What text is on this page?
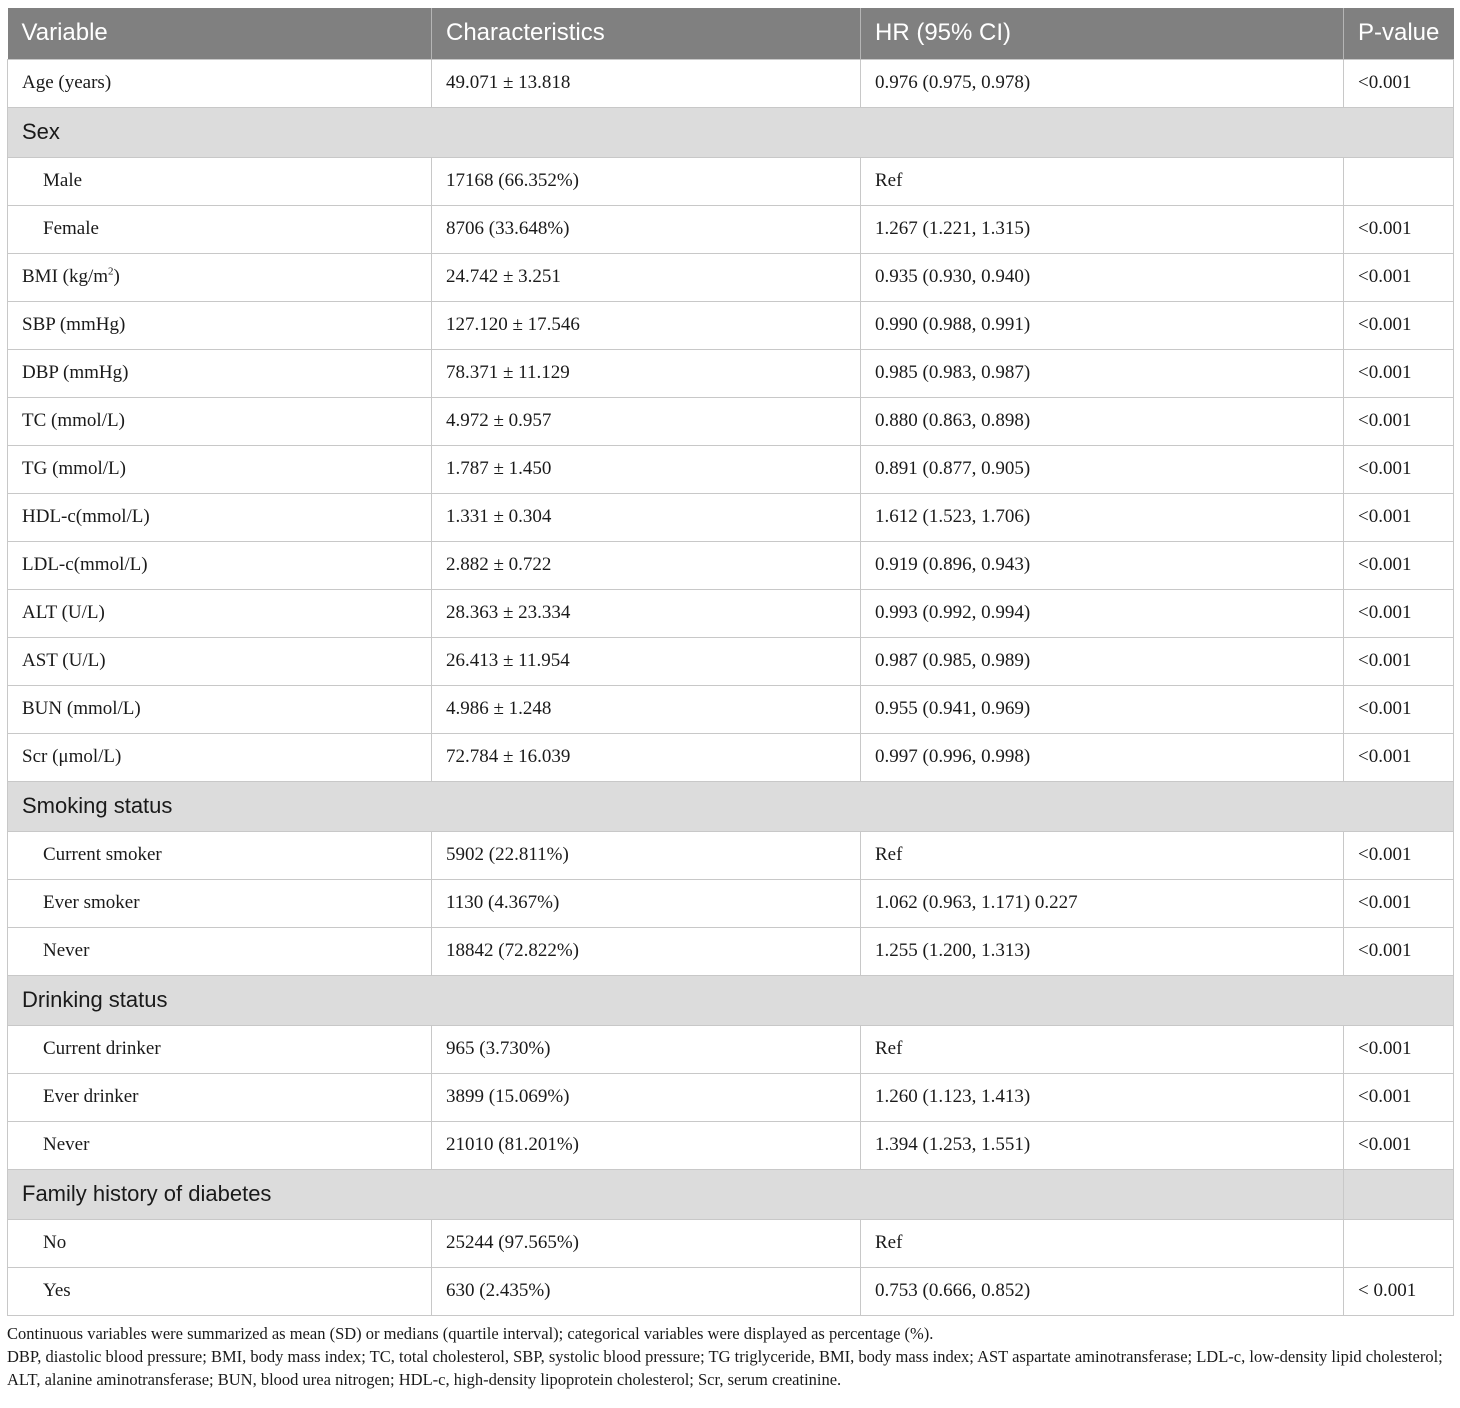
Variable	Characteristics	HR (95% CI)	P-value
Age (years)	49.071 ± 13.818	0.976 (0.975, 0.978)	<0.001
Sex			
Male	17168 (66.352%)	Ref	
Female	8706 (33.648%)	1.267 (1.221, 1.315)	<0.001
BMI $(kg/m^2)$	24.742 ± 3.251	0.935 (0.930, 0.940)	<0.001
SBP (mmHg)	127.120 ± 17.546	0.990 (0.988, 0.991)	<0.001
DBP (mmHg)	78.371 ± 11.129	0.985 (0.983, 0.987)	<0.001
TC (mmol/L)	4.972 ± 0.957	0.880 (0.863, 0.898)	<0.001
TG (mmol/L)	1.787 ± 1.450	0.891 (0.877, 0.905)	<0.001
HDL-c(mmol/L)	1.331 ± 0.304	1.612 (1.523, 1.706)	<0.001
LDL-c(mmol/L)	2.882 ± 0.722	0.919 (0.896, 0.943)	<0.001
ALT (U/L)	28.363 ± 23.334	0.993 (0.992, 0.994)	<0.001
AST (U/L)	26.413 ± 11.954	0.987 (0.985, 0.989)	<0.001
BUN (mmol/L)	4.986 ± 1.248	0.955 (0.941, 0.969)	<0.001
Scr (μmol/L)	72.784 ± 16.039	0.997 (0.996, 0.998)	<0.001
Smoking status			
Current smoker	5902 (22.811%)	Ref	<0.001
Ever smoker	1130 (4.367%)	1.062 (0.963, 1.171) 0.227	<0.001
Never	18842 (72.822%)	1.255 (1.200, 1.313)	<0.001
Drinking status			
Current drinker	965 (3.730%)	Ref	<0.001
Ever drinker	3899 (15.069%)	1.260 (1.123, 1.413)	<0.001
Never	21010 (81.201%)	1.394 (1.253, 1.551)	<0.001
Family history of diabetes			
No	25244 (97.565%)	Ref	
Yes	630 (2.435%)	0.753 (0.666, 0.852)	< 0.001
Continuous variables were summarized as mean (SD) or medians (quartile interval); categorical variables were displayed as percentage (%).
DBP, diastolic blood pressure; BMI, body mass index; TC, total cholesterol, SBP, systolic blood pressure; TG triglyceride, BMI, body mass index; AST aspartate aminotransferase; LDL-c, low-density lipid cholesterol; ALT, alanine aminotransferase; BUN, blood urea nitrogen; HDL-c, high-density lipoprotein cholesterol; Scr, serum creatinine.
